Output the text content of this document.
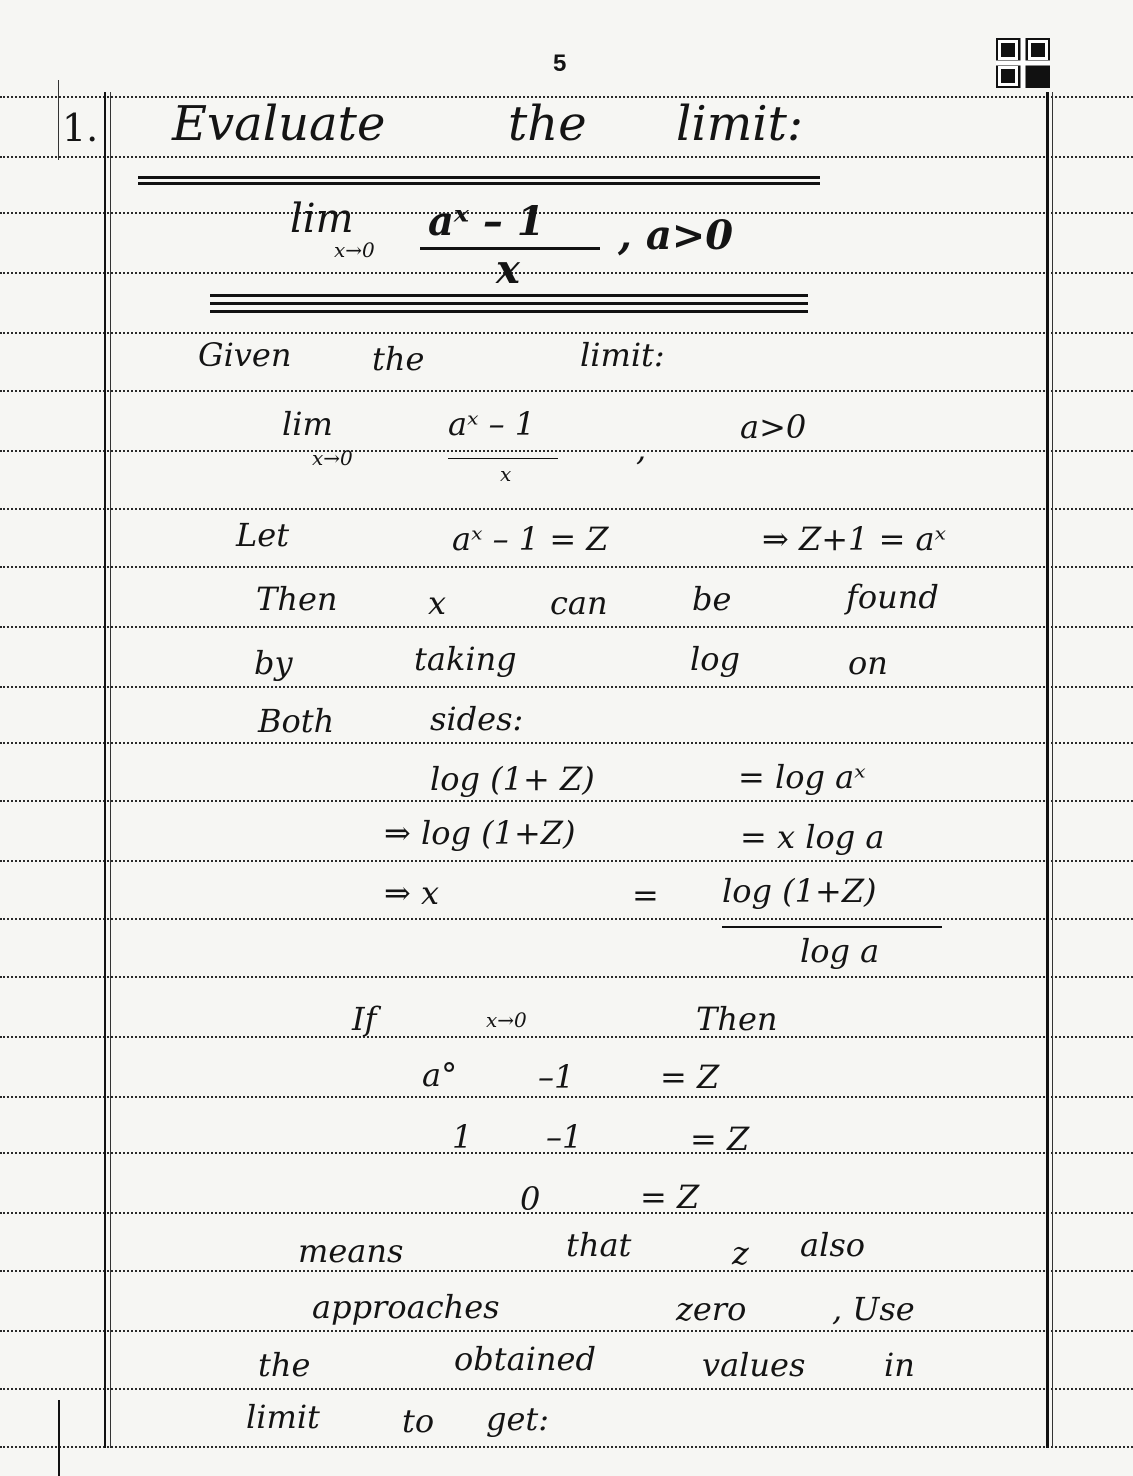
5
1. Evaluate	the limit:
lim
x→0
aˣ – 1
x
, a>0
Given	the	limit:
lim
x→0
aˣ – 1
x
,
a>0
Let	aˣ – 1 = Z	⇒ Z+1 = aˣ
Then	x	can	be	found
by	taking	log	on
Both	sides:
log (1+ Z)	= log aˣ
⇒ log (1+Z)	= x log a
⇒ x	= log (1+Z)
log a
If	x→0	Then
a°	–1	= Z
1 –1	= Z
0	= Z
means	that	z also
approaches	zero	, Use
the	obtained	values in
limit	to get:
